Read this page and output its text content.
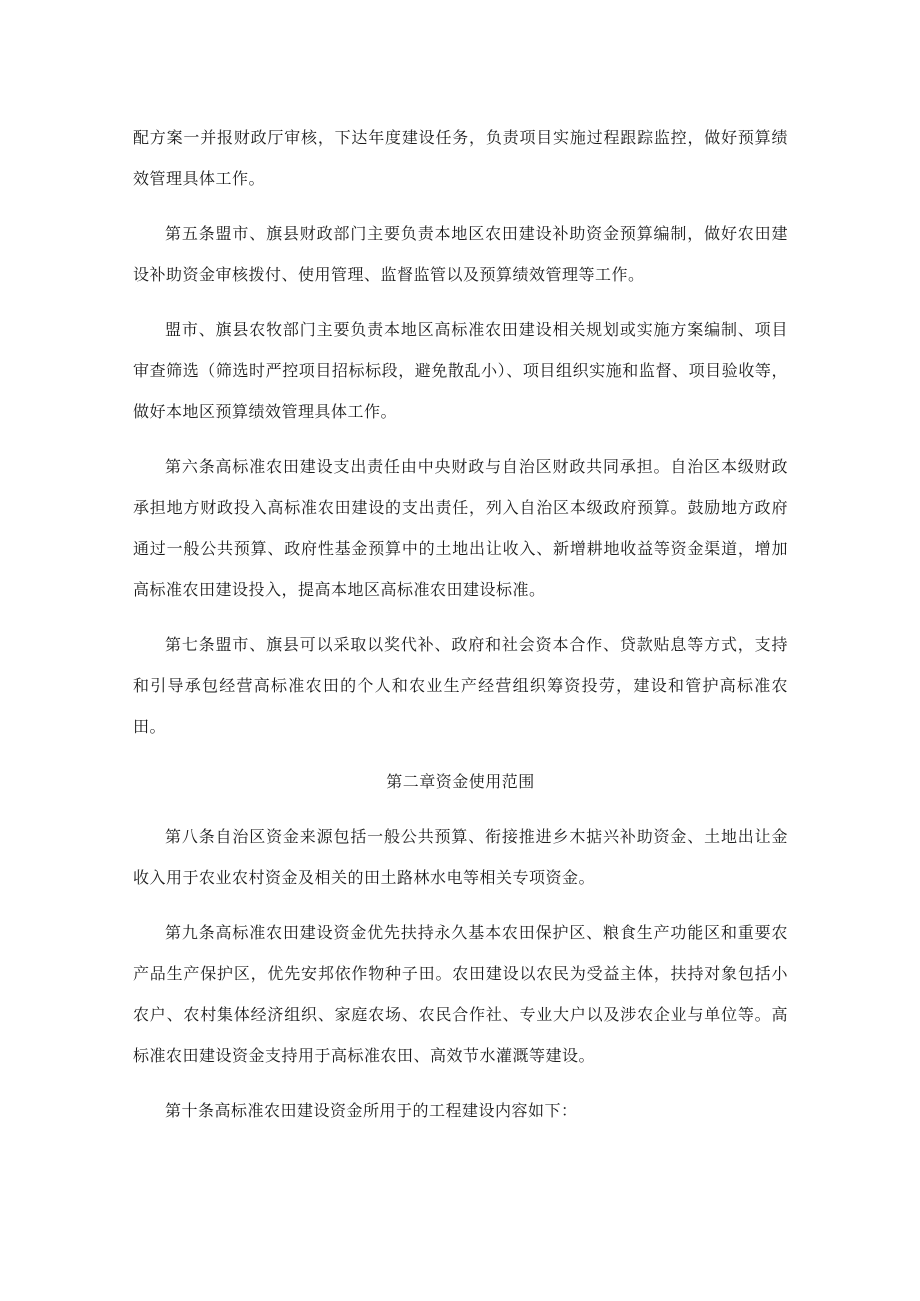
配方案一并报财政厅审核，下达年度建设任务，负责项目实施过程跟踪监控，做好预算绩效管理具体工作。

第五条盟市、旗县财政部门主要负责本地区农田建设补助资金预算编制，做好农田建设补助资金审核拨付、使用管理、监督监管以及预算绩效管理等工作。

盟市、旗县农牧部门主要负责本地区高标准农田建设相关规划或实施方案编制、项目审查筛选（筛选时严控项目招标标段，避免散乱小）、项目组织实施和监督、项目验收等，做好本地区预算绩效管理具体工作。

第六条高标准农田建设支出责任由中央财政与自治区财政共同承担。自治区本级财政承担地方财政投入高标准农田建设的支出责任，列入自治区本级政府预算。鼓励地方政府通过一般公共预算、政府性基金预算中的土地出让收入、新增耕地收益等资金渠道，增加高标准农田建设投入，提高本地区高标准农田建设标准。

第七条盟市、旗县可以采取以奖代补、政府和社会资本合作、贷款贴息等方式，支持和引导承包经营高标准农田的个人和农业生产经营组织筹资投劳，建设和管护高标准农田。

第二章资金使用范围

第八条自治区资金来源包括一般公共预算、衔接推进乡木掂兴补助资金、土地出让金收入用于农业农村资金及相关的田土路林水电等相关专项资金。

第九条高标准农田建设资金优先扶持永久基本农田保护区、粮食生产功能区和重要农产品生产保护区，优先安邦依作物种子田。农田建设以农民为受益主体，扶持对象包括小农户、农村集体经济组织、家庭农场、农民合作社、专业大户以及涉农企业与单位等。高标准农田建设资金支持用于高标准农田、高效节水灌溉等建设。

第十条高标准农田建设资金所用于的工程建设内容如下：
